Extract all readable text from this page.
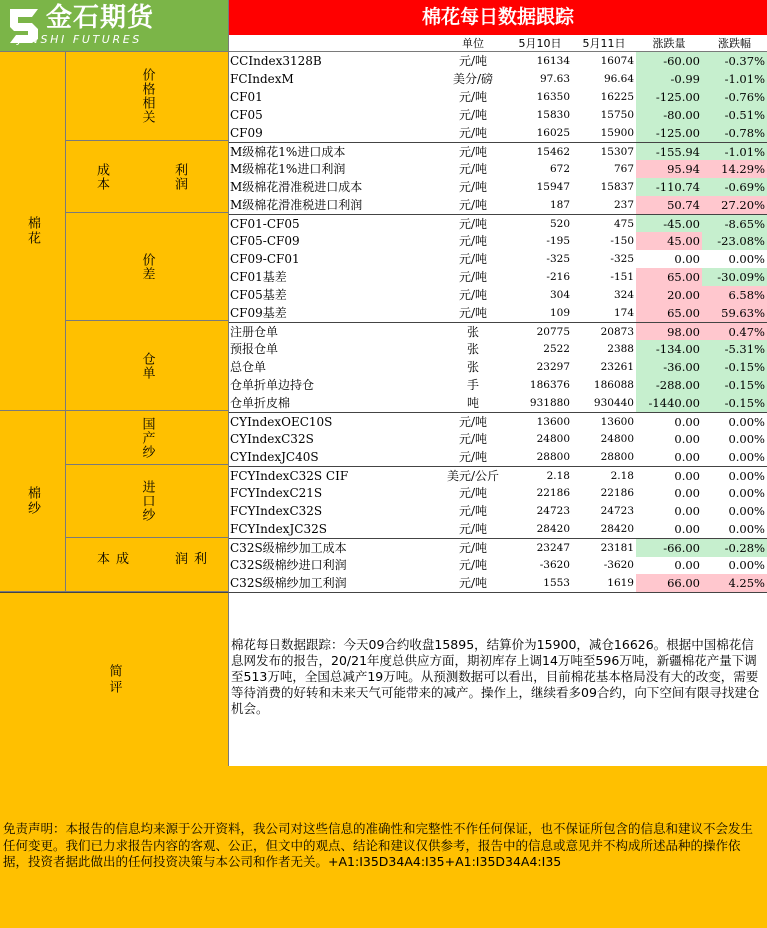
金石期货
JINSHI FUTURES
棉花每日数据跟踪
单位	5月10日	5月11日	涨跌量	涨跌幅
棉花
棉纱
价格相关
成本	利润
价差
仓单
国产纱
进口纱
成本	利润
CCIndex3128B	元/吨	16134	16074	-60.00	-0.37%
FCIndexM	美分/磅	97.63	96.64	-0.99	-1.01%
CF01	元/吨	16350	16225	-125.00	-0.76%
CF05	元/吨	15830	15750	-80.00	-0.51%
CF09	元/吨	16025	15900	-125.00	-0.78%
M级棉花1%进口成本	元/吨	15462	15307	-155.94	-1.01%
M级棉花1%进口利润	元/吨	672	767	95.94	14.29%
M级棉花滑准税进口成本	元/吨	15947	15837	-110.74	-0.69%
M级棉花滑准税进口利润	元/吨	187	237	50.74	27.20%
CF01-CF05	元/吨	520	475	-45.00	-8.65%
CF05-CF09	元/吨	-195	-150	45.00	-23.08%
CF09-CF01	元/吨	-325	-325	0.00	0.00%
CF01基差	元/吨	-216	-151	65.00	-30.09%
CF05基差	元/吨	304	324	20.00	6.58%
CF09基差	元/吨	109	174	65.00	59.63%
注册仓单	张	20775	20873	98.00	0.47%
预报仓单	张	2522	2388	-134.00	-5.31%
总仓单	张	23297	23261	-36.00	-0.15%
仓单折单边持仓	手	186376	186088	-288.00	-0.15%
仓单折皮棉	吨	931880	930440	-1440.00	-0.15%
CYIndexOEC10S	元/吨	13600	13600	0.00	0.00%
CYIndexC32S	元/吨	24800	24800	0.00	0.00%
CYIndexJC40S	元/吨	28800	28800	0.00	0.00%
FCYIndexC32S CIF	美元/公斤	2.18	2.18	0.00	0.00%
FCYIndexC21S	元/吨	22186	22186	0.00	0.00%
FCYIndexC32S	元/吨	24723	24723	0.00	0.00%
FCYIndexJC32S	元/吨	28420	28420	0.00	0.00%
C32S级棉纱加工成本	元/吨	23247	23181	-66.00	-0.28%
C32S级棉纱进口利润	元/吨	-3620	-3620	0.00	0.00%
C32S级棉纱加工利润	元/吨	1553	1619	66.00	4.25%
简评
棉花每日数据跟踪：今天09合约收盘15895，结算价为15900，减仓16626。根据中国棉花信息网发布的报告，20/21年度总供应方面，期初库存上调14万吨至596万吨，新疆棉花产量下调至513万吨，全国总减产19万吨。从预测数据可以看出，目前棉花基本格局没有大的改变，需要等待消费的好转和未来天气可能带来的减产。操作上，继续看多09合约，向下空间有限寻找建仓机会。
免责声明：本报告的信息均来源于公开资料，我公司对这些信息的准确性和完整性不作任何保证，也不保证所包含的信息和建议不会发生任何变更。我们已力求报告内容的客观、公正，但文中的观点、结论和建议仅供参考，报告中的信息或意见并不构成所述品种的操作依据，投资者据此做出的任何投资决策与本公司和作者无关。+A1:I35D34A4:I35+A1:I35D34A4:I35
